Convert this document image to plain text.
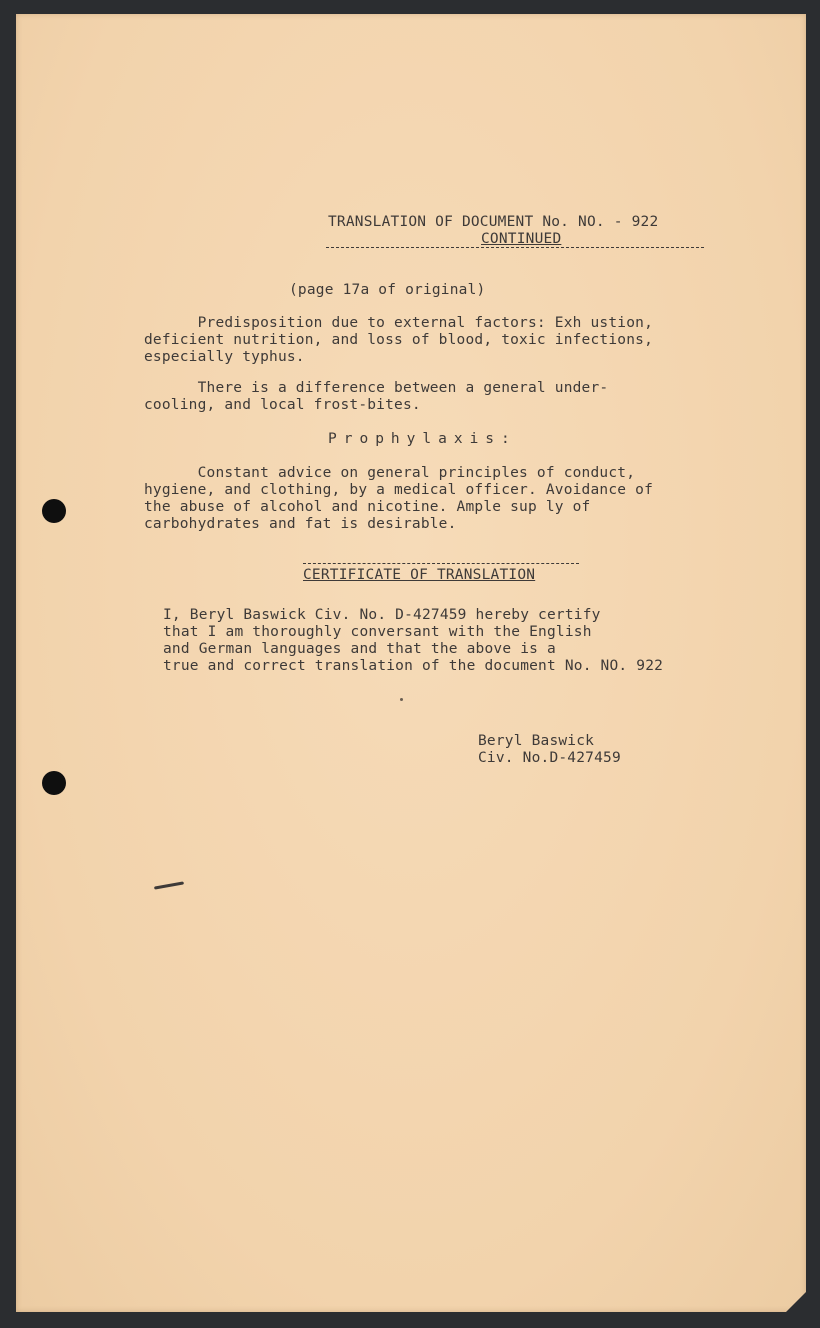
TRANSLATION OF DOCUMENT No. NO. - 922
CONTINUED
(page 17a of original)
Predisposition due to external factors: Exh ustion,
deficient nutrition, and loss of blood, toxic infections,
especially typhus.
There is a difference between a general under-
cooling, and local frost-bites.
Prophylaxis:
Constant advice on general principles of conduct,
hygiene, and clothing, by a medical officer. Avoidance of
the abuse of alcohol and nicotine. Ample sup ly of
carbohydrates and fat is desirable.
CERTIFICATE OF TRANSLATION
I, Beryl Baswick Civ. No. D-427459 hereby certify
that I am thoroughly conversant with the English
and German languages and that the above is a
true and correct translation of the document No. NO. 922
Beryl Baswick
Civ. No.D-427459
